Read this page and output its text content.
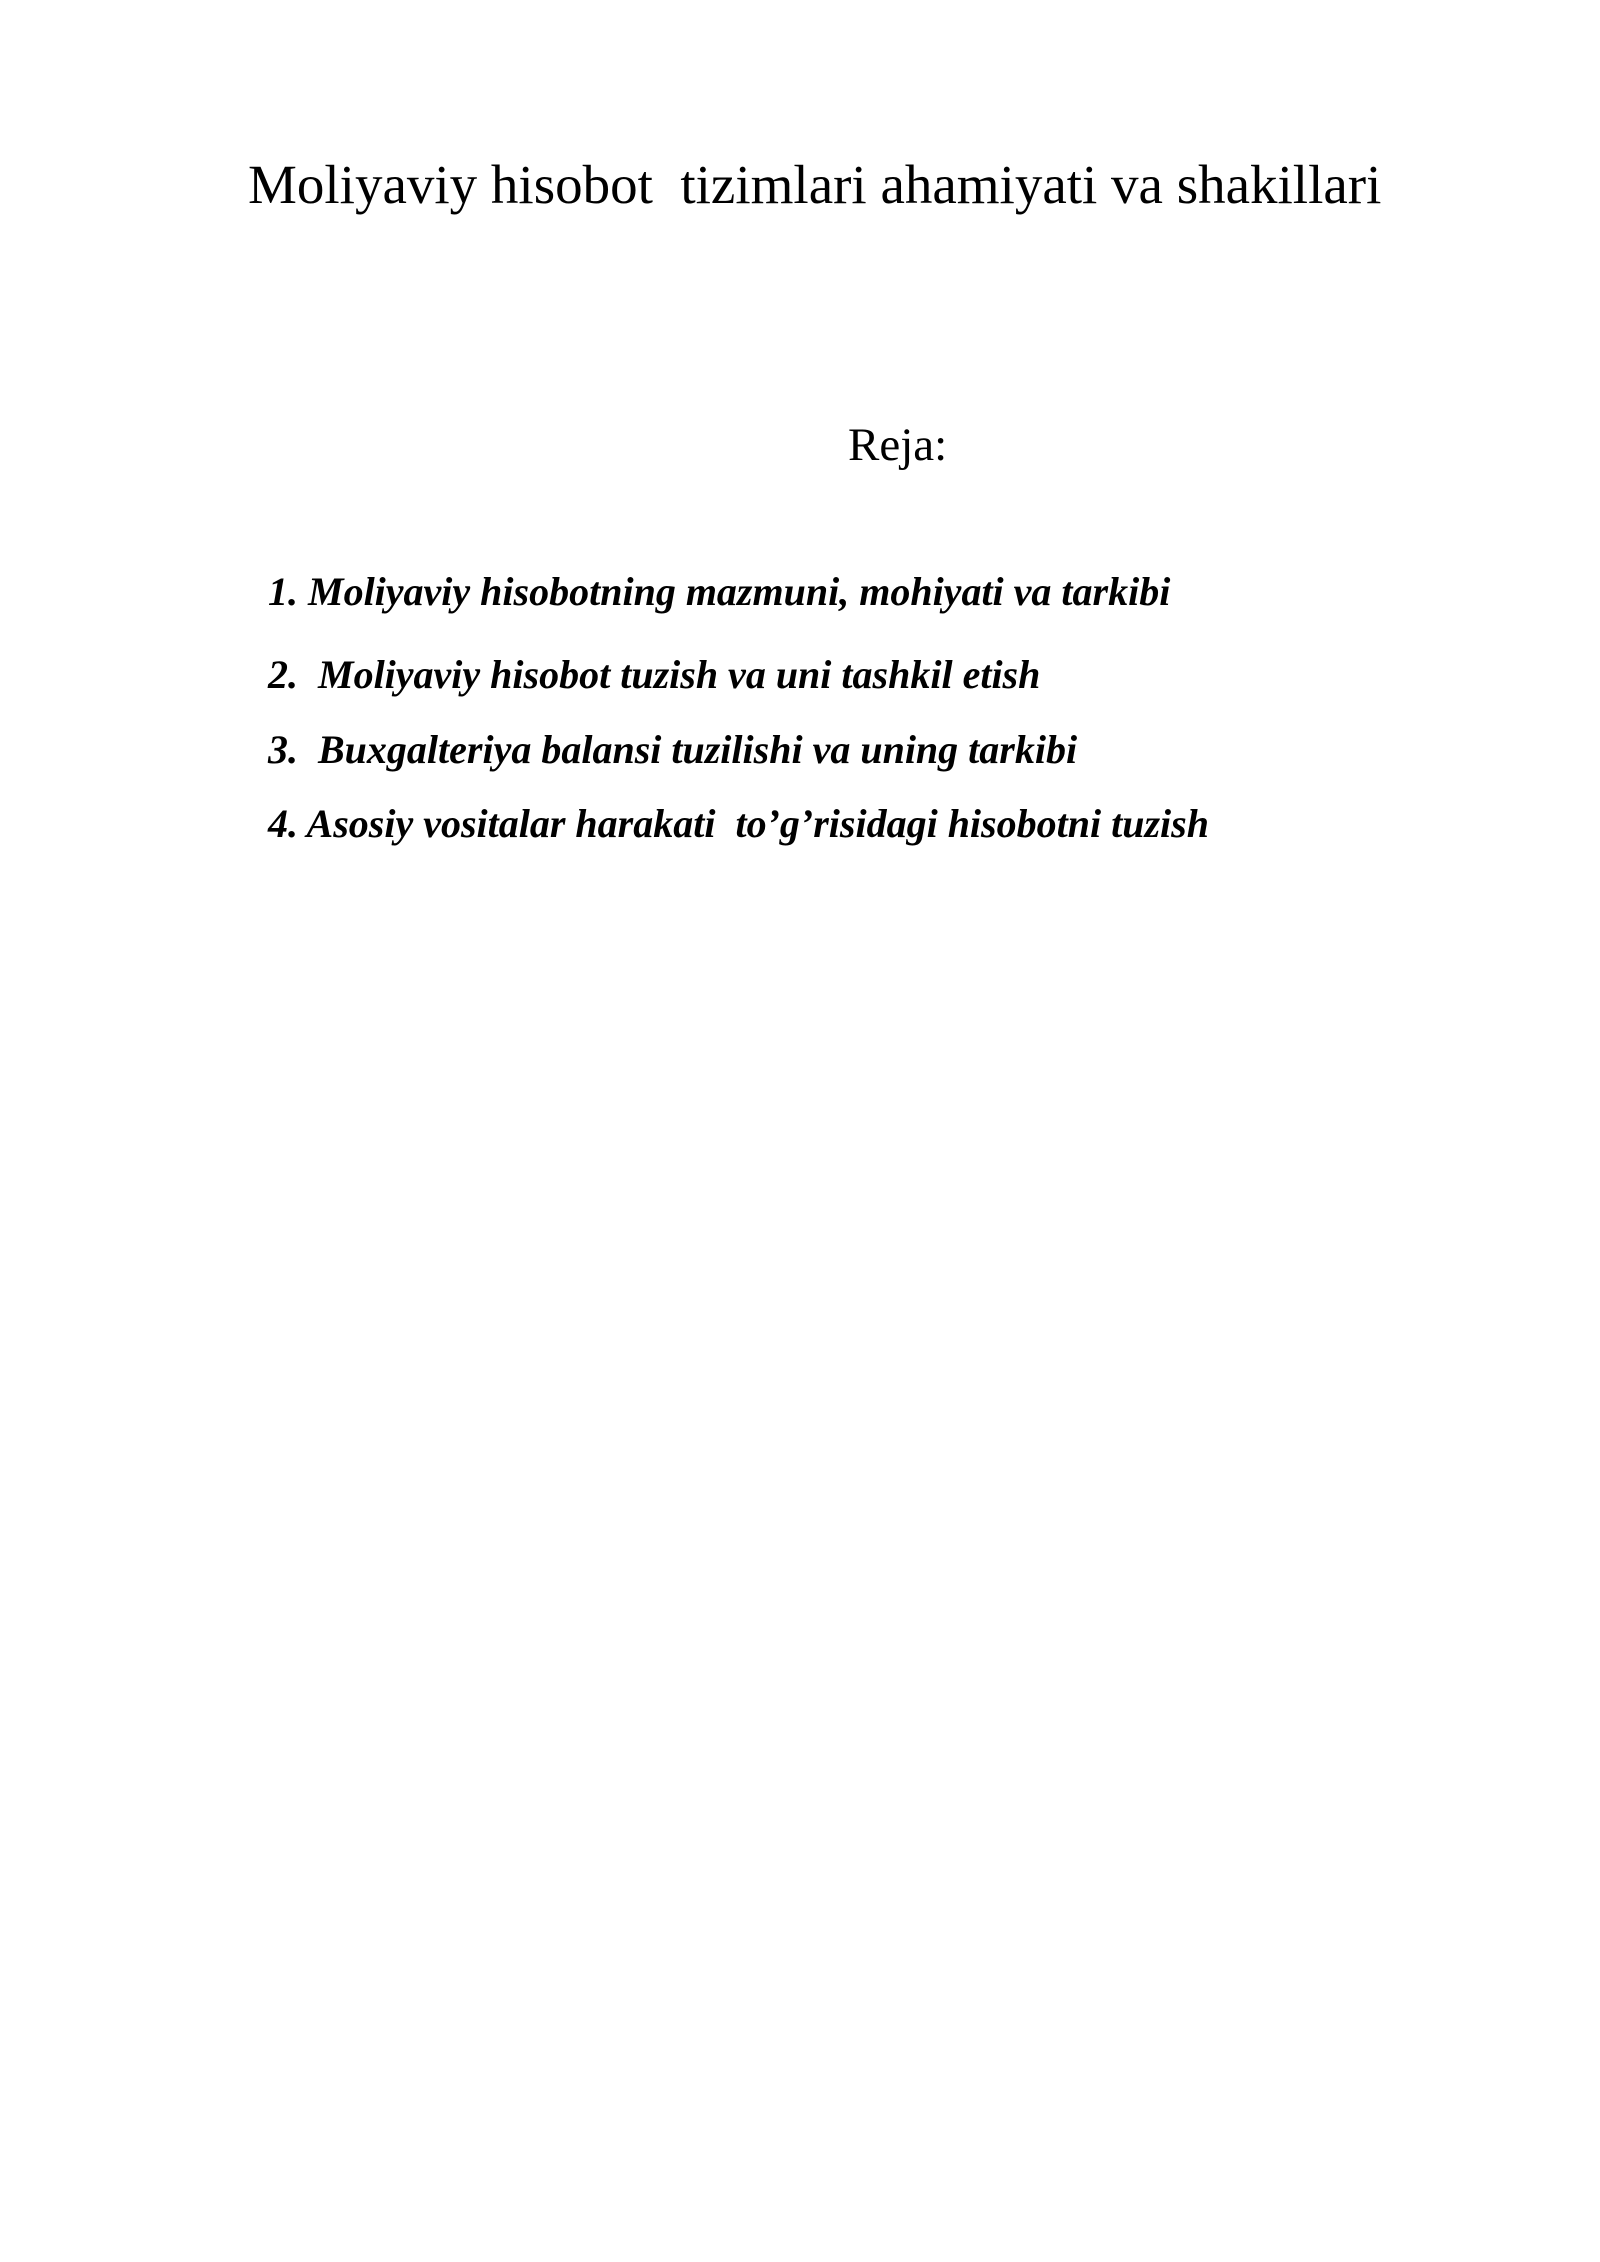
Moliyaviy hisobot  tizimlari ahamiyati va shakillari
Reja:
1. Moliyaviy hisobotning mazmuni, mohiyati va tarkibi
2.  Moliyaviy hisobot tuzish va uni tashkil etish
3.  Buxgalteriya balansi tuzilishi va uning tarkibi
4. Asosiy vositalar harakati  to’g’risidagi hisobotni tuzish
